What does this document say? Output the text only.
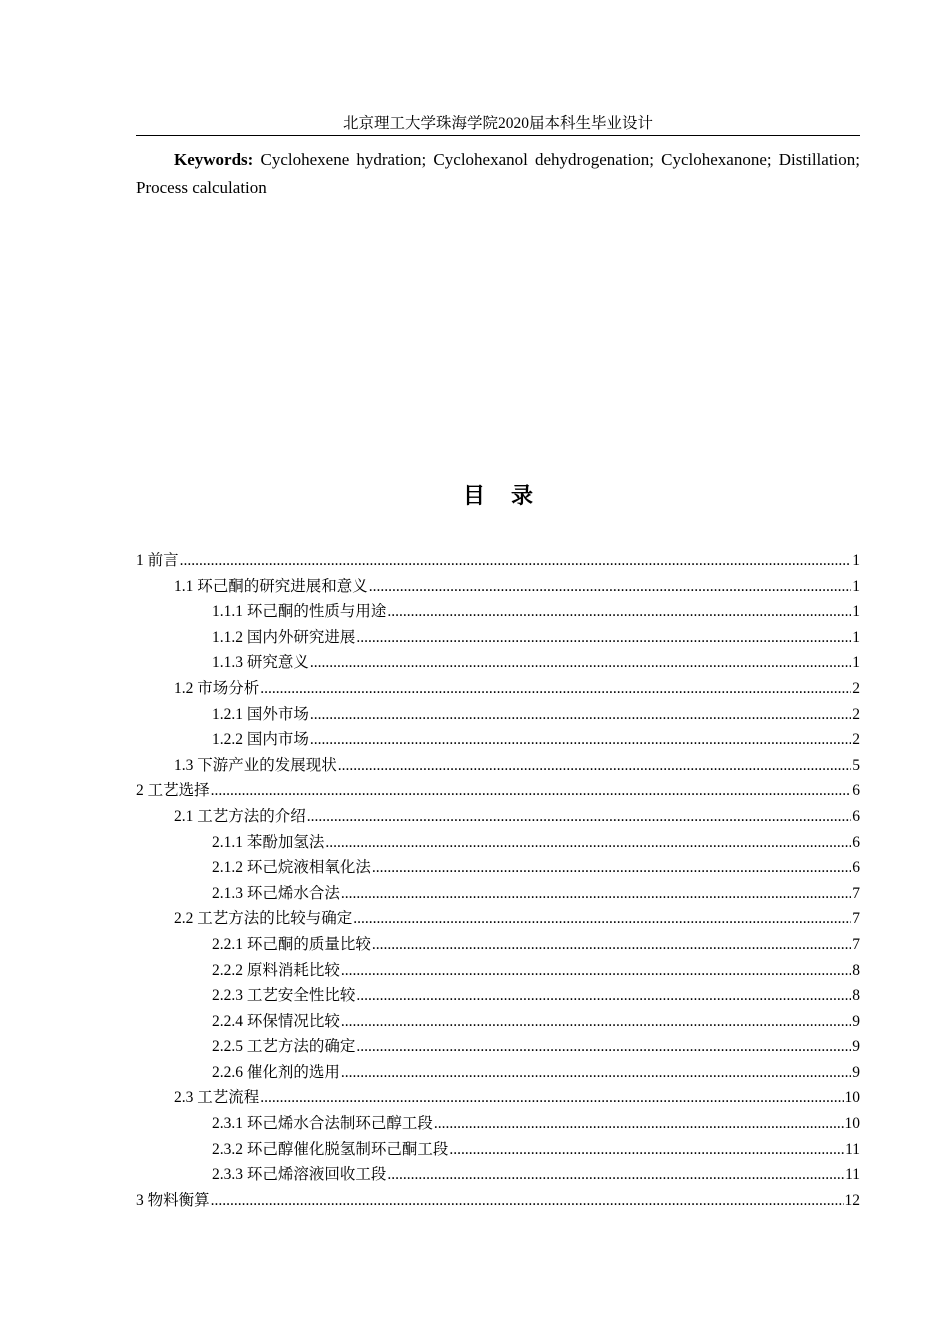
北京理工大学珠海学院2020届本科生毕业设计

Keywords: Cyclohexene hydration; Cyclohexanol dehydrogenation; Cyclohexanone; Distillation; Process calculation

目 录
1 前言 .....	1
1.1 环己酮的研究进展和意义 .....	1
1.1.1 环己酮的性质与用途 .....	1
1.1.2 国内外研究进展 .....	1
1.1.3 研究意义 .....	1
1.2 市场分析 .....	2
1.2.1 国外市场 .....	2
1.2.2 国内市场 .....	2
1.3 下游产业的发展现状 .....	5
2 工艺选择 .....	6
2.1 工艺方法的介绍 .....	6
2.1.1 苯酚加氢法 .....	6
2.1.2 环己烷液相氧化法 .....	6
2.1.3 环己烯水合法 .....	7
2.2 工艺方法的比较与确定 .....	7
2.2.1 环己酮的质量比较 .....	7
2.2.2 原料消耗比较 .....	8
2.2.3 工艺安全性比较 .....	8
2.2.4 环保情况比较 .....	9
2.2.5 工艺方法的确定 .....	9
2.2.6 催化剂的选用 .....	9
2.3 工艺流程 .....	10
2.3.1 环己烯水合法制环己醇工段 .....	10
2.3.2 环己醇催化脱氢制环己酮工段 .....	11
2.3.3 环己烯溶液回收工段 .....	11
3 物料衡算 .....	12
